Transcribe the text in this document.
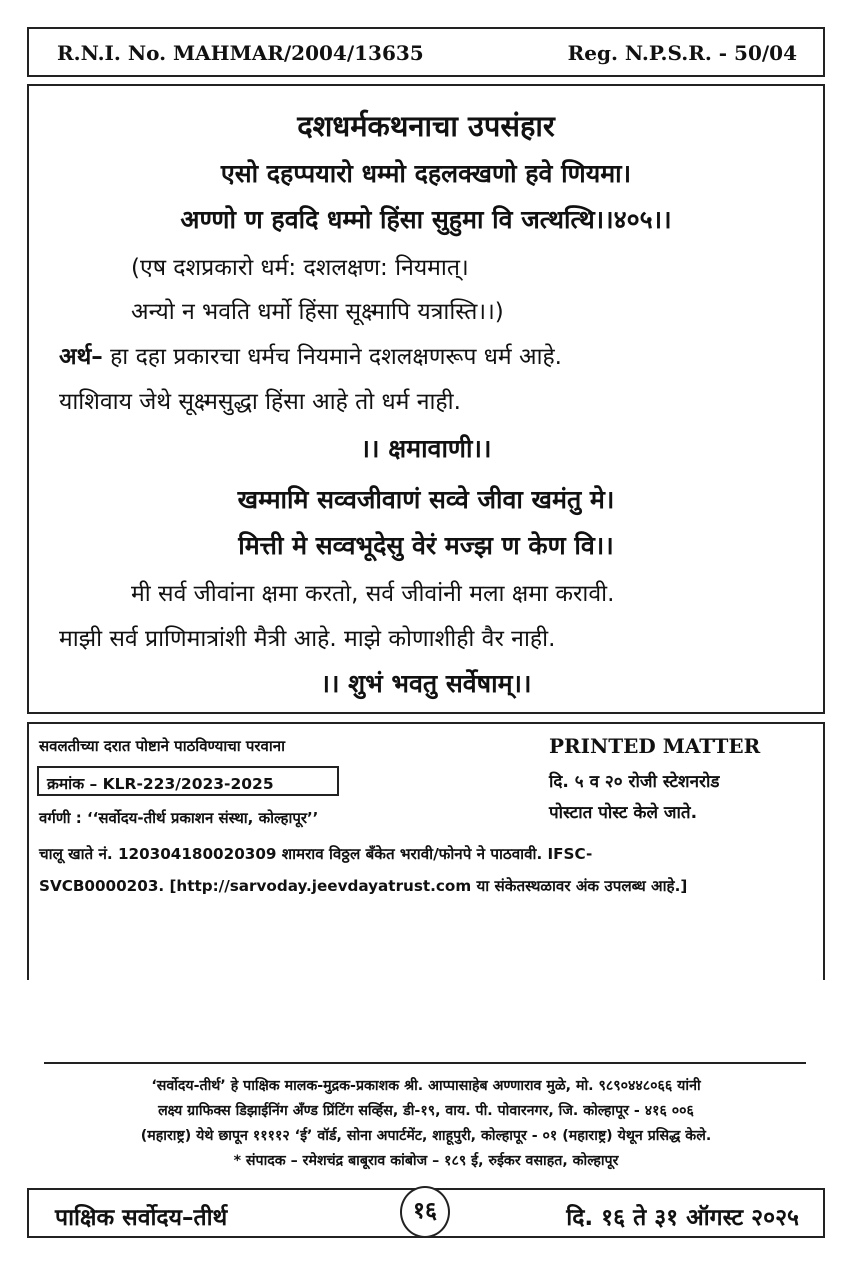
R.N.I. No. MAHMAR/2004/13635	Reg. N.P.S.R. - 50/04
दशधर्मकथनाचा उपसंहार
एसो दहप्पयारो धम्मो दहलक्खणो हवे णियमा।
अण्णो ण हवदि धम्मो हिंसा सुहुमा वि जत्थत्थि।।४०५।।
(एष दशप्रकारो धर्म: दशलक्षण: नियमात्।
अन्यो न भवति धर्मो हिंसा सूक्ष्मापि यत्रास्ति।।)
अर्थ– हा दहा प्रकारचा धर्मच नियमाने दशलक्षणरूप धर्म आहे.
याशिवाय जेथे सूक्ष्मसुद्धा हिंसा आहे तो धर्म नाही.
।। क्षमावाणी।।
खम्मामि सव्वजीवाणं सव्वे जीवा खमंतु मे।
मित्ती मे सव्वभूदेसु वेरं मज्झ ण केण वि।।
मी सर्व जीवांना क्षमा करतो, सर्व जीवांनी मला क्षमा करावी.
माझी सर्व प्राणिमात्रांशी मैत्री आहे. माझे कोणाशीही वैर नाही.
।। शुभं भवतु सर्वेषाम्।।
सवलतीच्या दरात पोष्टाने पाठविण्याचा परवाना
क्रमांक – KLR-223/2023-2025
वर्गणी : ‘‘सर्वोदय-तीर्थ प्रकाशन संस्था, कोल्हापूर’’
PRINTED MATTER
दि. ५ व २० रोजी स्टेशनरोड
पोस्टात पोस्ट केले जाते.
चालू खाते नं. 120304180020309 शामराव विठ्ठल बँकेत भरावी/फोनपे ने पाठवावी. IFSC-
SVCB0000203. [http://sarvoday.jeevdayatrust.com या संकेतस्थळावर अंक उपलब्ध आहे.]
‘सर्वोदय-तीर्थ’ हे पाक्षिक मालक-मुद्रक-प्रकाशक श्री. आप्पासाहेब अण्णाराव मुळे, मो. ९८९०४४८०६६ यांनी
लक्ष्य ग्राफिक्स डिझाईनिंग अँण्ड प्रिंटिंग सर्व्हिस, डी-१९, वाय. पी. पोवारनगर, जि. कोल्हापूर - ४१६ ००६
(महाराष्ट्र) येथे छापून ११११२ ‘ई’ वॉर्ड, सोना अपार्टमेंट, शाहूपुरी, कोल्हापूर - ०१ (महाराष्ट्र) येथून प्रसिद्ध केले.
* संपादक – रमेशचंद्र बाबूराव कांबोज – १८९ ई, रुईकर वसाहत, कोल्हापूर
पाक्षिक सर्वोदय–तीर्थ	१६	दि. १६ ते ३१ ऑगस्ट २०२५
